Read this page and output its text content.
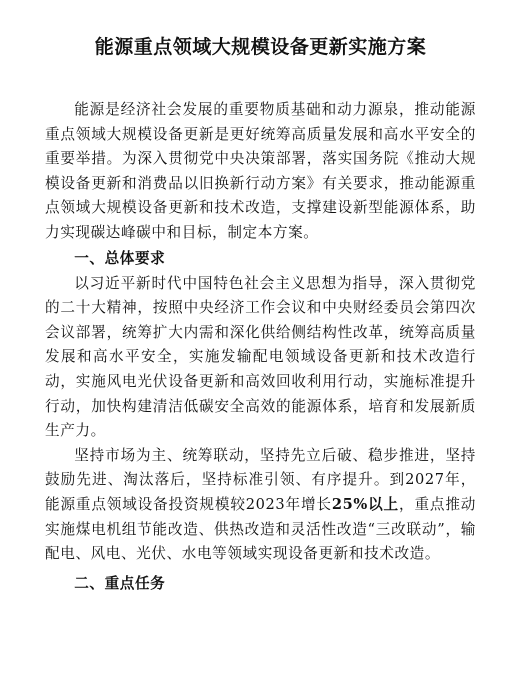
能源重点领域大规模设备更新实施方案

能源是经济社会发展的重要物质基础和动力源泉，推动能源重点领域大规模设备更新是更好统筹高质量发展和高水平安全的重要举措。为深入贯彻党中央决策部署，落实国务院《推动大规模设备更新和消费品以旧换新行动方案》有关要求，推动能源重点领域大规模设备更新和技术改造，支撑建设新型能源体系，助力实现碳达峰碳中和目标，制定本方案。

一、总体要求

以习近平新时代中国特色社会主义思想为指导，深入贯彻党的二十大精神，按照中央经济工作会议和中央财经委员会第四次会议部署，统筹扩大内需和深化供给侧结构性改革，统筹高质量发展和高水平安全，实施发输配电领域设备更新和技术改造行动，实施风电光伏设备更新和高效回收利用行动，实施标准提升行动，加快构建清洁低碳安全高效的能源体系，培育和发展新质生产力。

坚持市场为主、统筹联动，坚持先立后破、稳步推进，坚持鼓励先进、淘汰落后，坚持标准引领、有序提升。到2027年，能源重点领域设备投资规模较2023年增长25%以上，重点推动实施煤电机组节能改造、供热改造和灵活性改造“三改联动”，输配电、风电、光伏、水电等领域实现设备更新和技术改造。

二、重点任务
